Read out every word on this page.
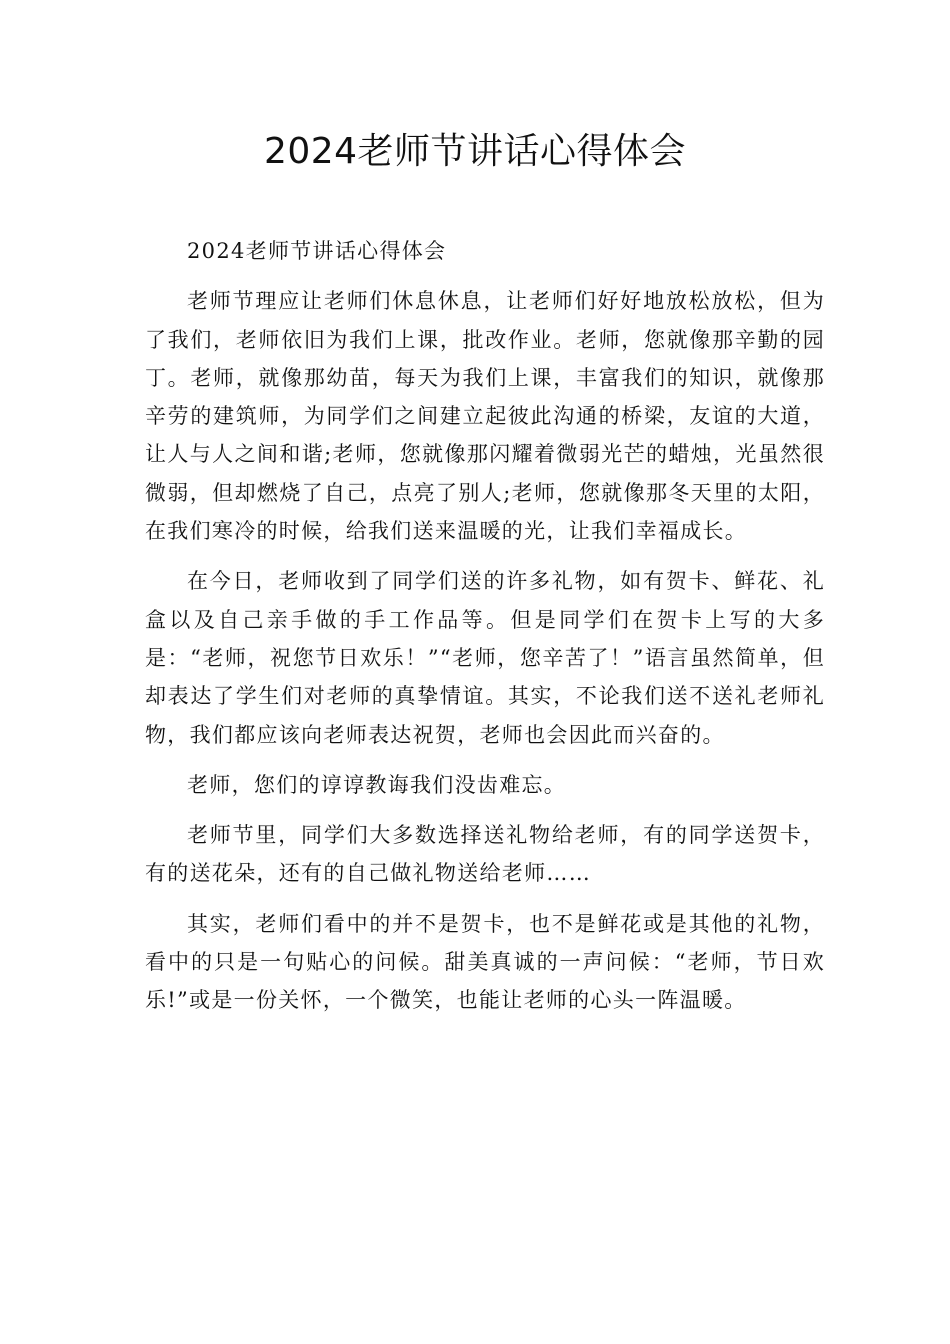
2024老师节讲话心得体会

2024老师节讲话心得体会

老师节理应让老师们休息休息，让老师们好好地放松放松，但为了我们，老师依旧为我们上课，批改作业。老师，您就像那辛勤的园丁。老师，就像那幼苗，每天为我们上课，丰富我们的知识，就像那辛劳的建筑师，为同学们之间建立起彼此沟通的桥梁，友谊的大道，让人与人之间和谐;老师，您就像那闪耀着微弱光芒的蜡烛，光虽然很微弱，但却燃烧了自己，点亮了别人;老师，您就像那冬天里的太阳，在我们寒冷的时候，给我们送来温暖的光，让我们幸福成长。

在今日，老师收到了同学们送的许多礼物，如有贺卡、鲜花、礼盒以及自己亲手做的手工作品等。但是同学们在贺卡上写的大多是：“老师，祝您节日欢乐！”“老师，您辛苦了！”语言虽然简单，但却表达了学生们对老师的真挚情谊。其实，不论我们送不送礼老师礼物，我们都应该向老师表达祝贺，老师也会因此而兴奋的。

老师，您们的谆谆教诲我们没齿难忘。

老师节里，同学们大多数选择送礼物给老师，有的同学送贺卡，有的送花朵，还有的自己做礼物送给老师……

其实，老师们看中的并不是贺卡，也不是鲜花或是其他的礼物，看中的只是一句贴心的问候。甜美真诚的一声问候：“老师，节日欢乐!”或是一份关怀，一个微笑，也能让老师的心头一阵温暖。
